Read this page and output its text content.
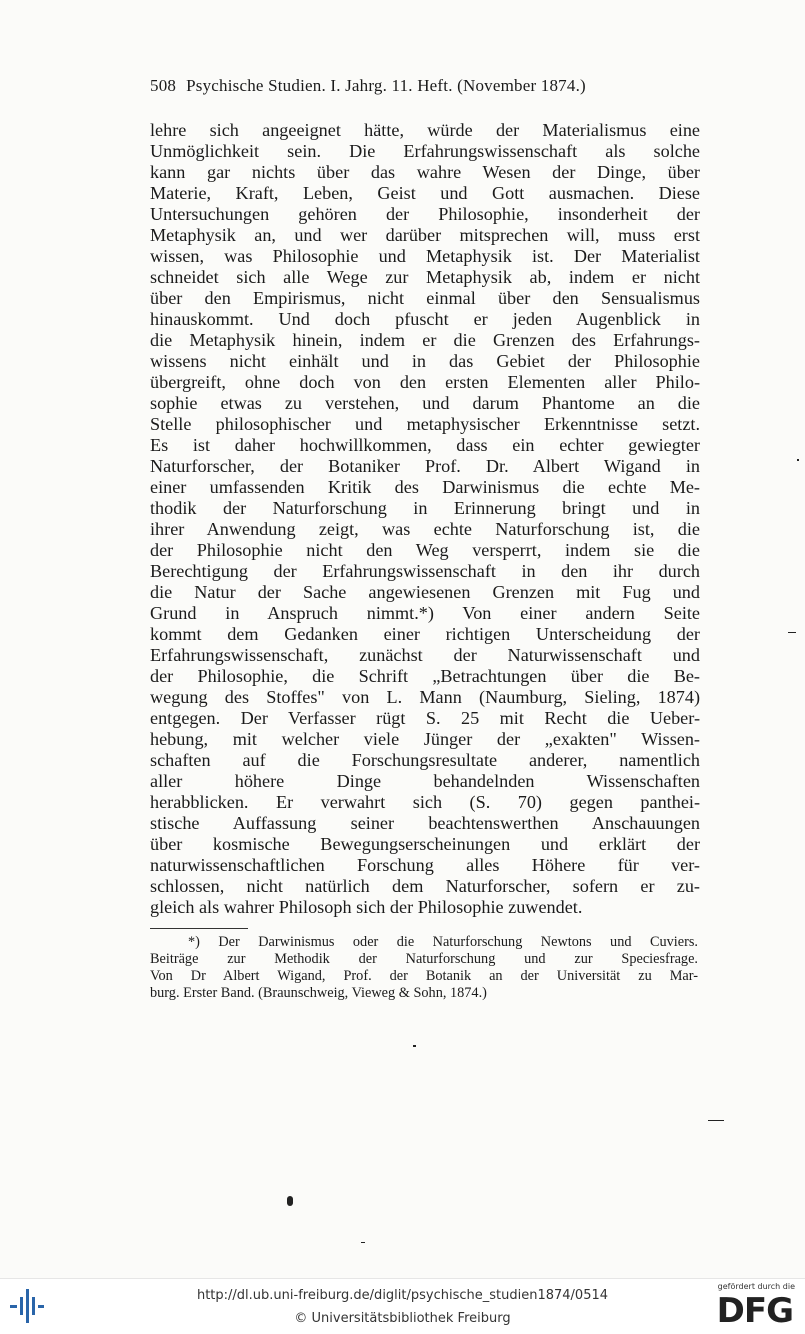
508 Psychische Studien. I. Jahrg. 11. Heft. (November 1874.)
lehre sich angeeignet hätte, würde der Materialismus eine
Unmöglichkeit sein. Die Erfahrungswissenschaft als solche
kann gar nichts über das wahre Wesen der Dinge, über
Materie, Kraft, Leben, Geist und Gott ausmachen. Diese
Untersuchungen gehören der Philosophie, insonderheit der
Metaphysik an, und wer darüber mitsprechen will, muss erst
wissen, was Philosophie und Metaphysik ist. Der Materialist
schneidet sich alle Wege zur Metaphysik ab, indem er nicht
über den Empirismus, nicht einmal über den Sensualismus
hinauskommt. Und doch pfuscht er jeden Augenblick in
die Metaphysik hinein, indem er die Grenzen des Erfahrungs-
wissens nicht einhält und in das Gebiet der Philosophie
übergreift, ohne doch von den ersten Elementen aller Philo-
sophie etwas zu verstehen, und darum Phantome an die
Stelle philosophischer und metaphysischer Erkenntnisse setzt.
Es ist daher hochwillkommen, dass ein echter gewiegter
Naturforscher, der Botaniker Prof. Dr. Albert Wigand in
einer umfassenden Kritik des Darwinismus die echte Me-
thodik der Naturforschung in Erinnerung bringt und in
ihrer Anwendung zeigt, was echte Naturforschung ist, die
der Philosophie nicht den Weg versperrt, indem sie die
Berechtigung der Erfahrungswissenschaft in den ihr durch
die Natur der Sache angewiesenen Grenzen mit Fug und
Grund in Anspruch nimmt.*) Von einer andern Seite
kommt dem Gedanken einer richtigen Unterscheidung der
Erfahrungswissenschaft, zunächst der Naturwissenschaft und
der Philosophie, die Schrift „Betrachtungen über die Be-
wegung des Stoffes" von L. Mann (Naumburg, Sieling, 1874)
entgegen. Der Verfasser rügt S. 25 mit Recht die Ueber-
hebung, mit welcher viele Jünger der „exakten" Wissen-
schaften auf die Forschungsresultate anderer, namentlich
aller höhere Dinge behandelnden Wissenschaften
herabblicken. Er verwahrt sich (S. 70) gegen panthei-
stische Auffassung seiner beachtenswerthen Anschauungen
über kosmische Bewegungserscheinungen und erklärt der
naturwissenschaftlichen Forschung alles Höhere für ver-
schlossen, nicht natürlich dem Naturforscher, sofern er zu-
gleich als wahrer Philosoph sich der Philosophie zuwendet.
*) Der Darwinismus oder die Naturforschung Newtons und Cuviers.
Beiträge zur Methodik der Naturforschung und zur Speciesfrage.
Von Dr Albert Wigand, Prof. der Botanik an der Universität zu Mar-
burg. Erster Band. (Braunschweig, Vieweg & Sohn, 1874.)
http://dl.ub.uni-freiburg.de/diglit/psychische_studien1874/0514
© Universitätsbibliothek Freiburg
gefördert durch die
DFG
